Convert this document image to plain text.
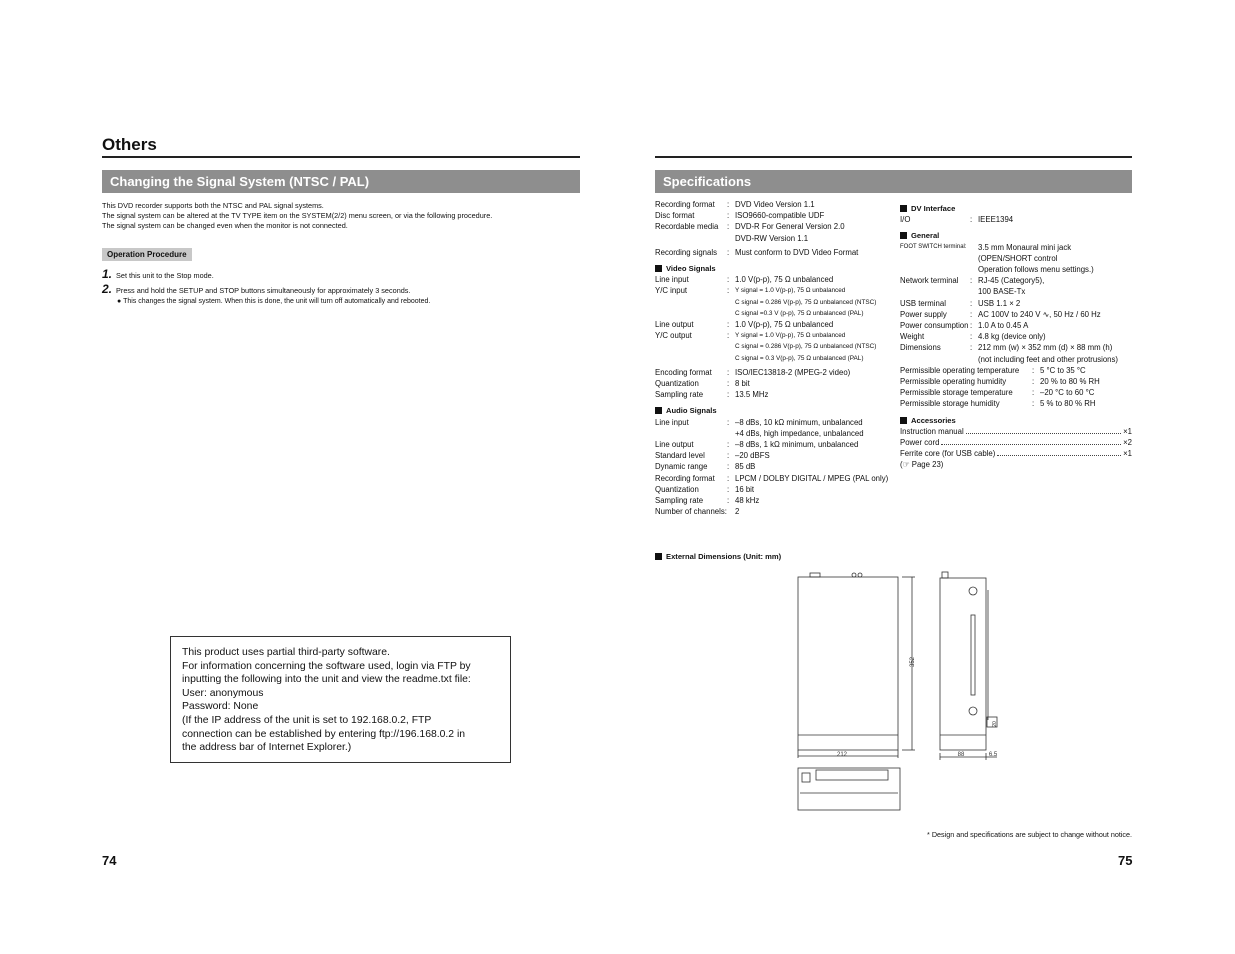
Others
Changing the Signal System (NTSC / PAL)
This DVD recorder supports both the NTSC and PAL signal systems.
The signal system can be altered at the TV TYPE item on the SYSTEM(2/2) menu screen, or via the following procedure.
The signal system can be changed even when the monitor is not connected.
Operation Procedure
1. Set this unit to the Stop mode.
2. Press and hold the SETUP and STOP buttons simultaneously for approximately 3 seconds.
● This changes the signal system. When this is done, the unit will turn off automatically and rebooted.
This product uses partial third-party software.
For information concerning the software used, login via FTP by
inputting the following into the unit and view the readme.txt file:
User: anonymous
Password: None
(If the IP address of the unit is set to 192.168.0.2, FTP
connection can be established by entering ftp://196.168.0.2 in
the address bar of Internet Explorer.)
74
Specifications
Recording format	: DVD Video Version 1.1
Disc format	: ISO9660-compatible UDF
Recordable media	: DVD-R For General Version 2.0
DVD-RW Version 1.1
Recording signals	: Must conform to DVD Video Format
Video Signals
Line input	: 1.0 V(p-p), 75 Ω unbalanced
Y/C input	: Y signal = 1.0 V(p-p), 75 Ω unbalanced
C signal = 0.286 V(p-p), 75 Ω unbalanced (NTSC)
C signal =0.3 V (p-p), 75 Ω unbalanced (PAL)
Line output	: 1.0 V(p-p), 75 Ω unbalanced
Y/C output	: Y signal = 1.0 V(p-p), 75 Ω unbalanced
C signal = 0.286 V(p-p), 75 Ω unbalanced (NTSC)
C signal = 0.3 V(p-p), 75 Ω unbalanced (PAL)
Encoding format	: ISO/IEC13818-2 (MPEG-2 video)
Quantization	: 8 bit
Sampling rate	: 13.5 MHz
Audio Signals
Line input	: –8 dBs, 10 kΩ minimum, unbalanced
+4 dBs, high impedance, unbalanced
Line output	: –8 dBs, 1 kΩ minimum, unbalanced
Standard level	: –20 dBFS
Dynamic range	: 85 dB
Recording format	: LPCM / DOLBY DIGITAL / MPEG (PAL only)
Quantization	: 16 bit
Sampling rate	: 48 kHz
Number of channels: 2
DV Interface
I/O	: IEEE1394
General
FOOT SWITCH terminal:	3.5 mm Monaural mini jack
(OPEN/SHORT control
Operation follows menu settings.)
Network terminal	: RJ-45 (Category5),
100 BASE-Tx
USB terminal	: USB 1.1 × 2
Power supply	: AC 100V to 240 V ∿, 50 Hz / 60 Hz
Power consumption : 1.0 A to 0.45 A
Weight	: 4.8 kg (device only)
Dimensions	: 212 mm (w) × 352 mm (d) × 88 mm (h)
(not including feet and other protrusions)
Permissible operating temperature	: 5 °C to 35 °C
Permissible operating humidity	: 20 % to 80 % RH
Permissible storage temperature	: –20 °C to 60 °C
Permissible storage humidity	: 5 % to 80 % RH
Accessories
Instruction manual	×1
Power cord	×2
Ferrite core (for USB cable)	×1
(☞ Page 23)
External Dimensions (Unit: mm)
212
352
88	6.5
20
* Design and specifications are subject to change without notice.
75
